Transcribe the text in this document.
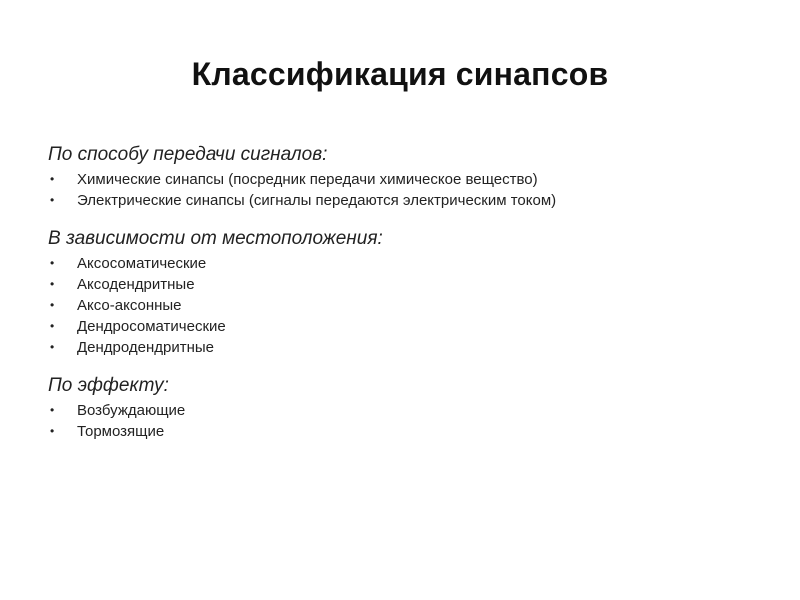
Классификация синапсов
По способу передачи сигналов:
• Химические синапсы (посредник передачи химическое вещество)
• Электрические синапсы (сигналы передаются электрическим током)
В зависимости от местоположения:
• Аксосоматические
• Аксодендритные
• Аксо-аксонные
• Дендросоматические
• Дендродендритные
По эффекту:
• Возбуждающие
• Тормозящие
